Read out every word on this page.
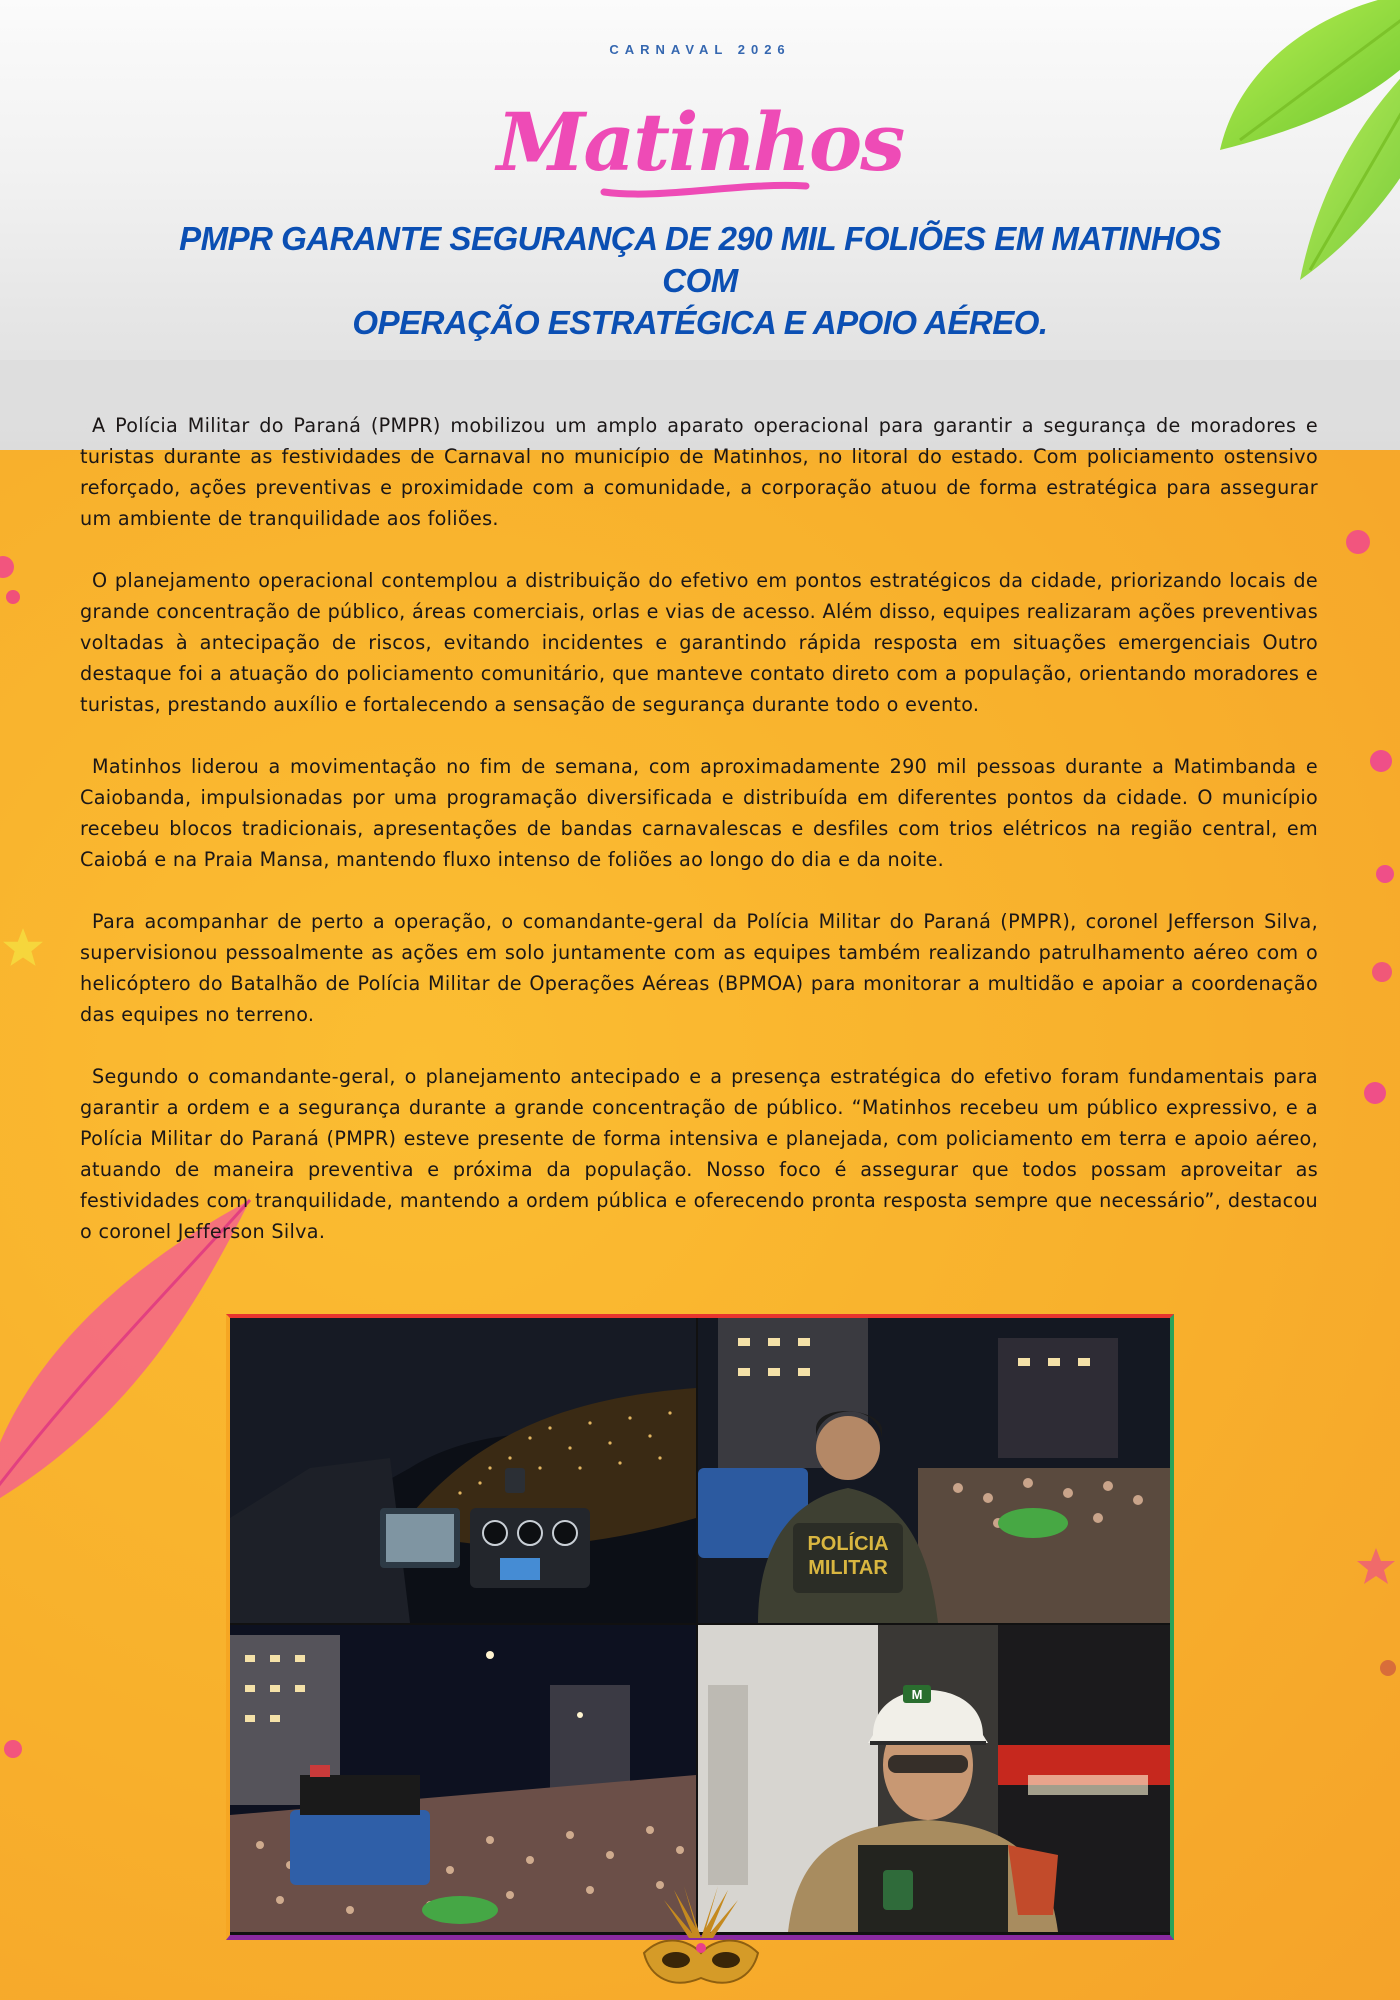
CARNAVAL 2026
Matinhos
PMPR GARANTE SEGURANÇA DE 290 MIL FOLIÕES EM MATINHOS COM
OPERAÇÃO ESTRATÉGICA E APOIO AÉREO.

A Polícia Militar do Paraná (PMPR) mobilizou um amplo aparato operacional para garantir a segurança de moradores e turistas durante as festividades de Carnaval no município de Matinhos, no litoral do estado. Com policiamento ostensivo reforçado, ações preventivas e proximidade com a comunidade, a corporação atuou de forma estratégica para assegurar um ambiente de tranquilidade aos foliões.

O planejamento operacional contemplou a distribuição do efetivo em pontos estratégicos da cidade, priorizando locais de grande concentração de público, áreas comerciais, orlas e vias de acesso. Além disso, equipes realizaram ações preventivas voltadas à antecipação de riscos, evitando incidentes e garantindo rápida resposta em situações emergenciais Outro destaque foi a atuação do policiamento comunitário, que manteve contato direto com a população, orientando moradores e turistas, prestando auxílio e fortalecendo a sensação de segurança durante todo o evento.

Matinhos liderou a movimentação no fim de semana, com aproximadamente 290 mil pessoas durante a Matimbanda e Caiobanda, impulsionadas por uma programação diversificada e distribuída em diferentes pontos da cidade. O município recebeu blocos tradicionais, apresentações de bandas carnavalescas e desfiles com trios elétricos na região central, em Caiobá e na Praia Mansa, mantendo fluxo intenso de foliões ao longo do dia e da noite.

Para acompanhar de perto a operação, o comandante-geral da Polícia Militar do Paraná (PMPR), coronel Jefferson Silva, supervisionou pessoalmente as ações em solo juntamente com as equipes também realizando patrulhamento aéreo com o helicóptero do Batalhão de Polícia Militar de Operações Aéreas (BPMOA) para monitorar a multidão e apoiar a coordenação das equipes no terreno.

Segundo o comandante-geral, o planejamento antecipado e a presença estratégica do efetivo foram fundamentais para garantir a ordem e a segurança durante a grande concentração de público. “Matinhos recebeu um público expressivo, e a Polícia Militar do Paraná (PMPR) esteve presente de forma intensiva e planejada, com policiamento em terra e apoio aéreo, atuando de maneira preventiva e próxima da população. Nosso foco é assegurar que todos possam aproveitar as festividades com tranquilidade, mantendo a ordem pública e oferecendo pronta resposta sempre que necessário”, destacou o coronel Jefferson Silva.

POLÍCIA
MILITAR
M
